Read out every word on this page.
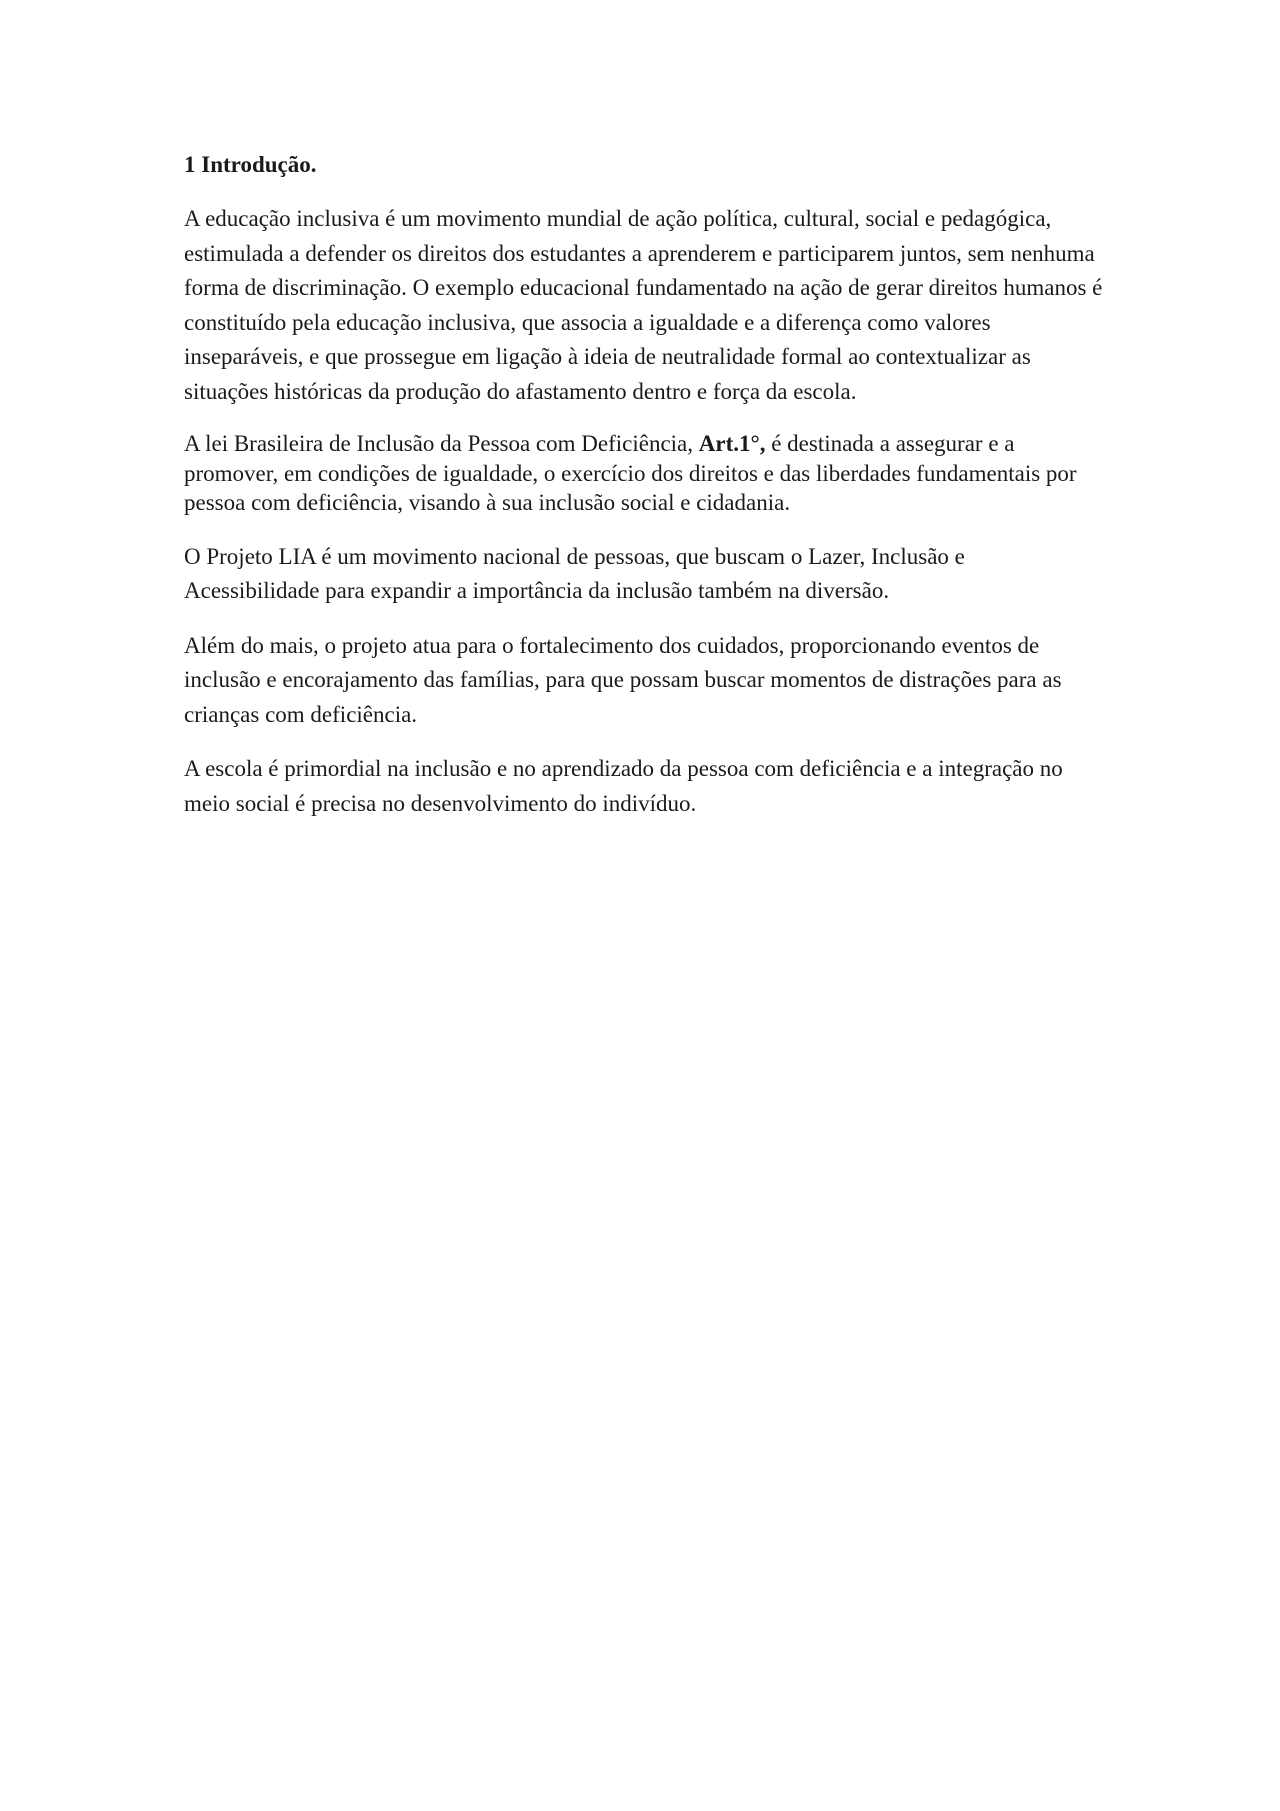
1 Introdução.

A educação inclusiva é um movimento mundial de ação política, cultural, social e pedagógica, estimulada a defender os direitos dos estudantes a aprenderem e participarem juntos, sem nenhuma forma de discriminação. O exemplo educacional fundamentado na ação de gerar direitos humanos é constituído pela educação inclusiva, que associa a igualdade e a diferença como valores inseparáveis, e que prossegue em ligação à ideia de neutralidade formal ao contextualizar as situações históricas da produção do afastamento dentro e força da escola.

A lei Brasileira de Inclusão da Pessoa com Deficiência, Art.1°, é destinada a assegurar e a promover, em condições de igualdade, o exercício dos direitos e das liberdades fundamentais por pessoa com deficiência, visando à sua inclusão social e cidadania.

O Projeto LIA é um movimento nacional de pessoas, que buscam o Lazer, Inclusão e Acessibilidade para expandir a importância da inclusão também na diversão.

Além do mais, o projeto atua para o fortalecimento dos cuidados, proporcionando eventos de inclusão e encorajamento das famílias, para que possam buscar momentos de distrações para as crianças com deficiência.

A escola é primordial na inclusão e no aprendizado da pessoa com deficiência e a integração no meio social é precisa no desenvolvimento do indivíduo.
